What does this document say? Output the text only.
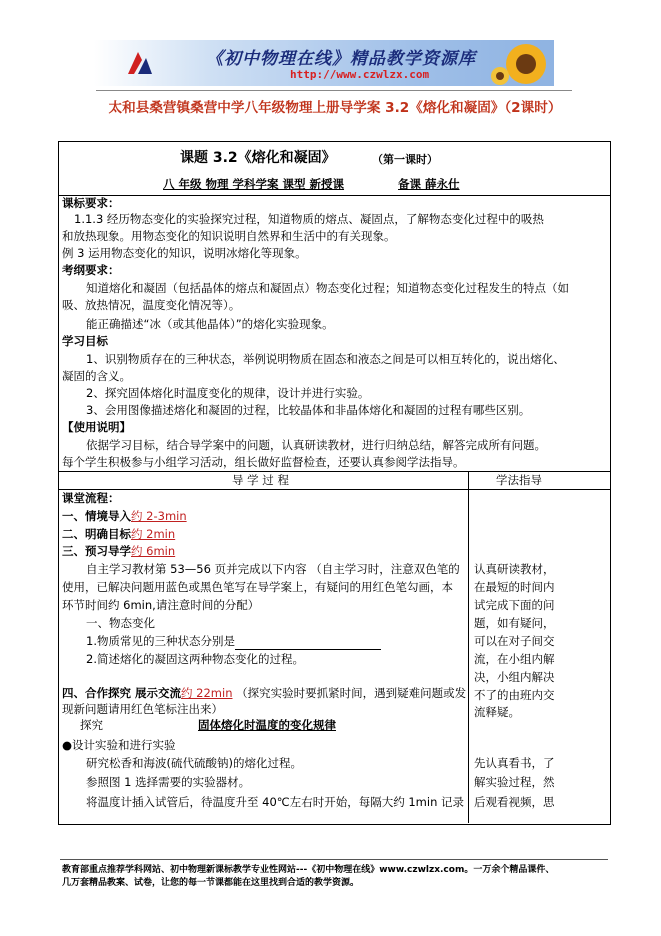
《初中物理在线》精品教学资源库
http://www.czwlzx.com
太和县桑营镇桑营中学八年级物理上册导学案 3.2《熔化和凝固》（2课时）
课题 3.2《熔化和凝固》	（第一课时）
八 年级 物理 学科学案 课型 新授课	备课 薛永仕
课标要求：
1.1.3 经历物态变化的实验探究过程，知道物质的熔点、凝固点，了解物态变化过程中的吸热
和放热现象。用物态变化的知识说明自然界和生活中的有关现象。
例 3 运用物态变化的知识，说明冰熔化等现象。
考纲要求：
知道熔化和凝固（包括晶体的熔点和凝固点）物态变化过程；知道物态变化过程发生的特点（如
吸、放热情况，温度变化情况等）。
能正确描述“冰（或其他晶体）”的熔化实验现象。
学习目标
1、识别物质存在的三种状态，举例说明物质在固态和液态之间是可以相互转化的，说出熔化、
凝固的含义。
2、探究固体熔化时温度变化的规律，设计并进行实验。
3、会用图像描述熔化和凝固的过程，比较晶体和非晶体熔化和凝固的过程有哪些区别。
【使用说明】
依据学习目标，结合导学案中的问题，认真研读教材，进行归纳总结，解答完成所有问题。
每个学生积极参与小组学习活动，组长做好监督检查，还要认真参阅学法指导。
导 学 过 程	学法指导
课堂流程：
一、情境导入约 2-3min
二、明确目标约 2min
三、预习导学约 6min
自主学习教材第 53—56 页并完成以下内容 （自主学习时，注意双色笔的
使用，已解决问题用蓝色或黑色笔写在导学案上，有疑问的用红色笔勾画，本
环节时间约 6min,请注意时间的分配）
一、物态变化
1.物质常见的三种状态分别是
2.简述熔化的凝固这两种物态变化的过程。
四、合作探究 展示交流约 22min （探究实验时要抓紧时间，遇到疑难问题或发
现新问题请用红色笔标注出来）
探究	固体熔化时温度的变化规律
●设计实验和进行实验
研究松香和海波(硫代硫酸钠)的熔化过程。
参照图 1 选择需要的实验器材。
将温度计插入试管后，待温度升至 40℃左右时开始，每隔大约 1min 记录
认真研读教材，
在最短的时间内
试完成下面的问
题，如有疑问，
可以在对子间交
流，在小组内解
决，小组内解决
不了的由班内交
流释疑。
先认真看书，了
解实验过程，然
后观看视频，思
教育部重点推荐学科网站、初中物理新课标教学专业性网站---《初中物理在线》www.czwlzx.com。一万余个精品课件、
几万套精品教案、试卷，让您的每一节课都能在这里找到合适的教学资源。
